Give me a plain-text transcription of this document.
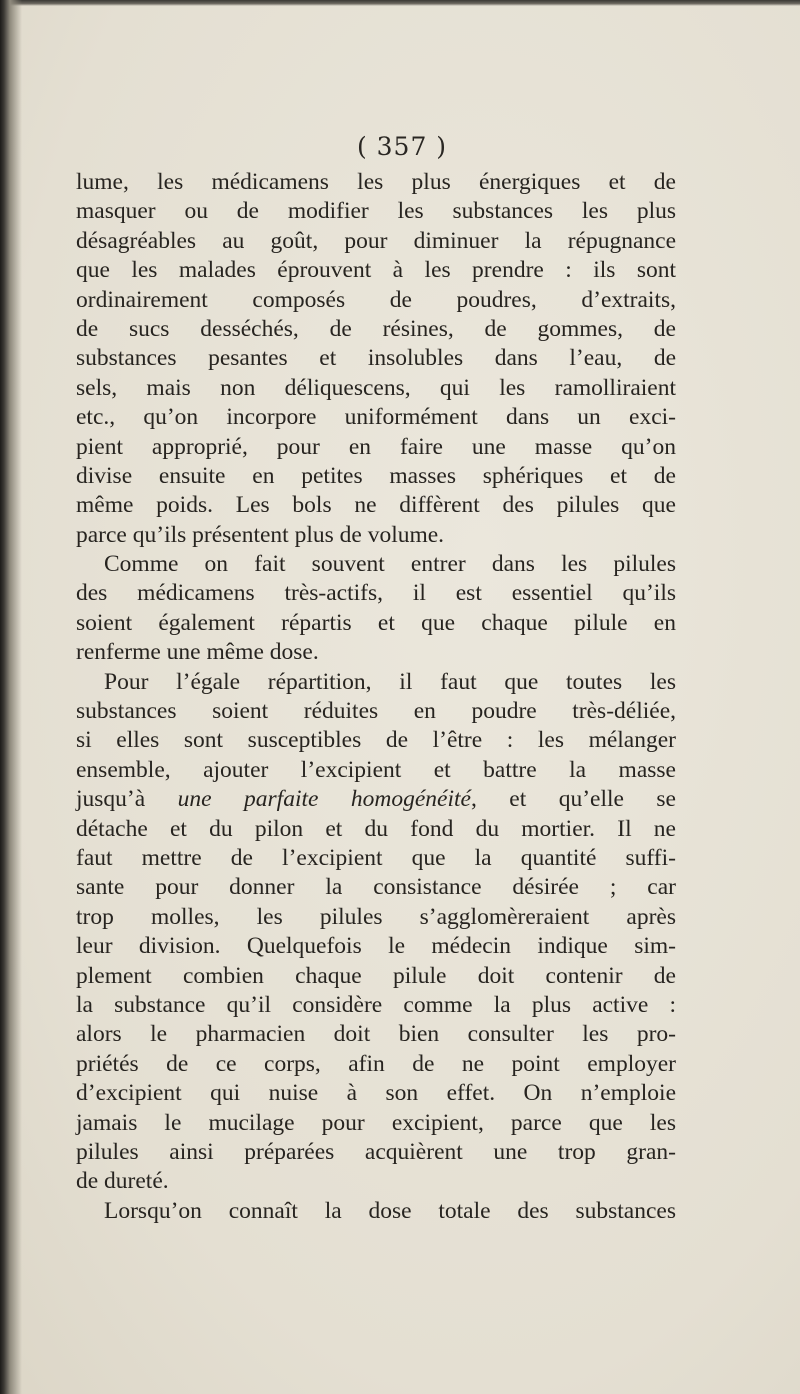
( 357 )
lume, les médicamens les plus énergiques et de
masquer ou de modifier les substances les plus
désagréables au goût, pour diminuer la répugnance
que les malades éprouvent à les prendre : ils sont
ordinairement composés de poudres, d’extraits,
de sucs desséchés, de résines, de gommes, de
substances pesantes et insolubles dans l’eau, de
sels, mais non déliquescens, qui les ramolliraient
etc., qu’on incorpore uniformément dans un exci-
pient approprié, pour en faire une masse qu’on
divise ensuite en petites masses sphériques et de
même poids. Les bols ne diffèrent des pilules que
parce qu’ils présentent plus de volume.
Comme on fait souvent entrer dans les pilules
des médicamens très-actifs, il est essentiel qu’ils
soient également répartis et que chaque pilule en
renferme une même dose.
Pour l’égale répartition, il faut que toutes les
substances soient réduites en poudre très-déliée,
si elles sont susceptibles de l’être : les mélanger
ensemble, ajouter l’excipient et battre la masse
jusqu’à une parfaite homogénéité, et qu’elle se
détache et du pilon et du fond du mortier. Il ne
faut mettre de l’excipient que la quantité suffi-
sante pour donner la consistance désirée ; car
trop molles, les pilules s’agglomèreraient après
leur division. Quelquefois le médecin indique sim-
plement combien chaque pilule doit contenir de
la substance qu’il considère comme la plus active :
alors le pharmacien doit bien consulter les pro-
priétés de ce corps, afin de ne point employer
d’excipient qui nuise à son effet. On n’emploie
jamais le mucilage pour excipient, parce que les
pilules ainsi préparées acquièrent une trop gran-
de dureté.
Lorsqu’on connaît la dose totale des substances
